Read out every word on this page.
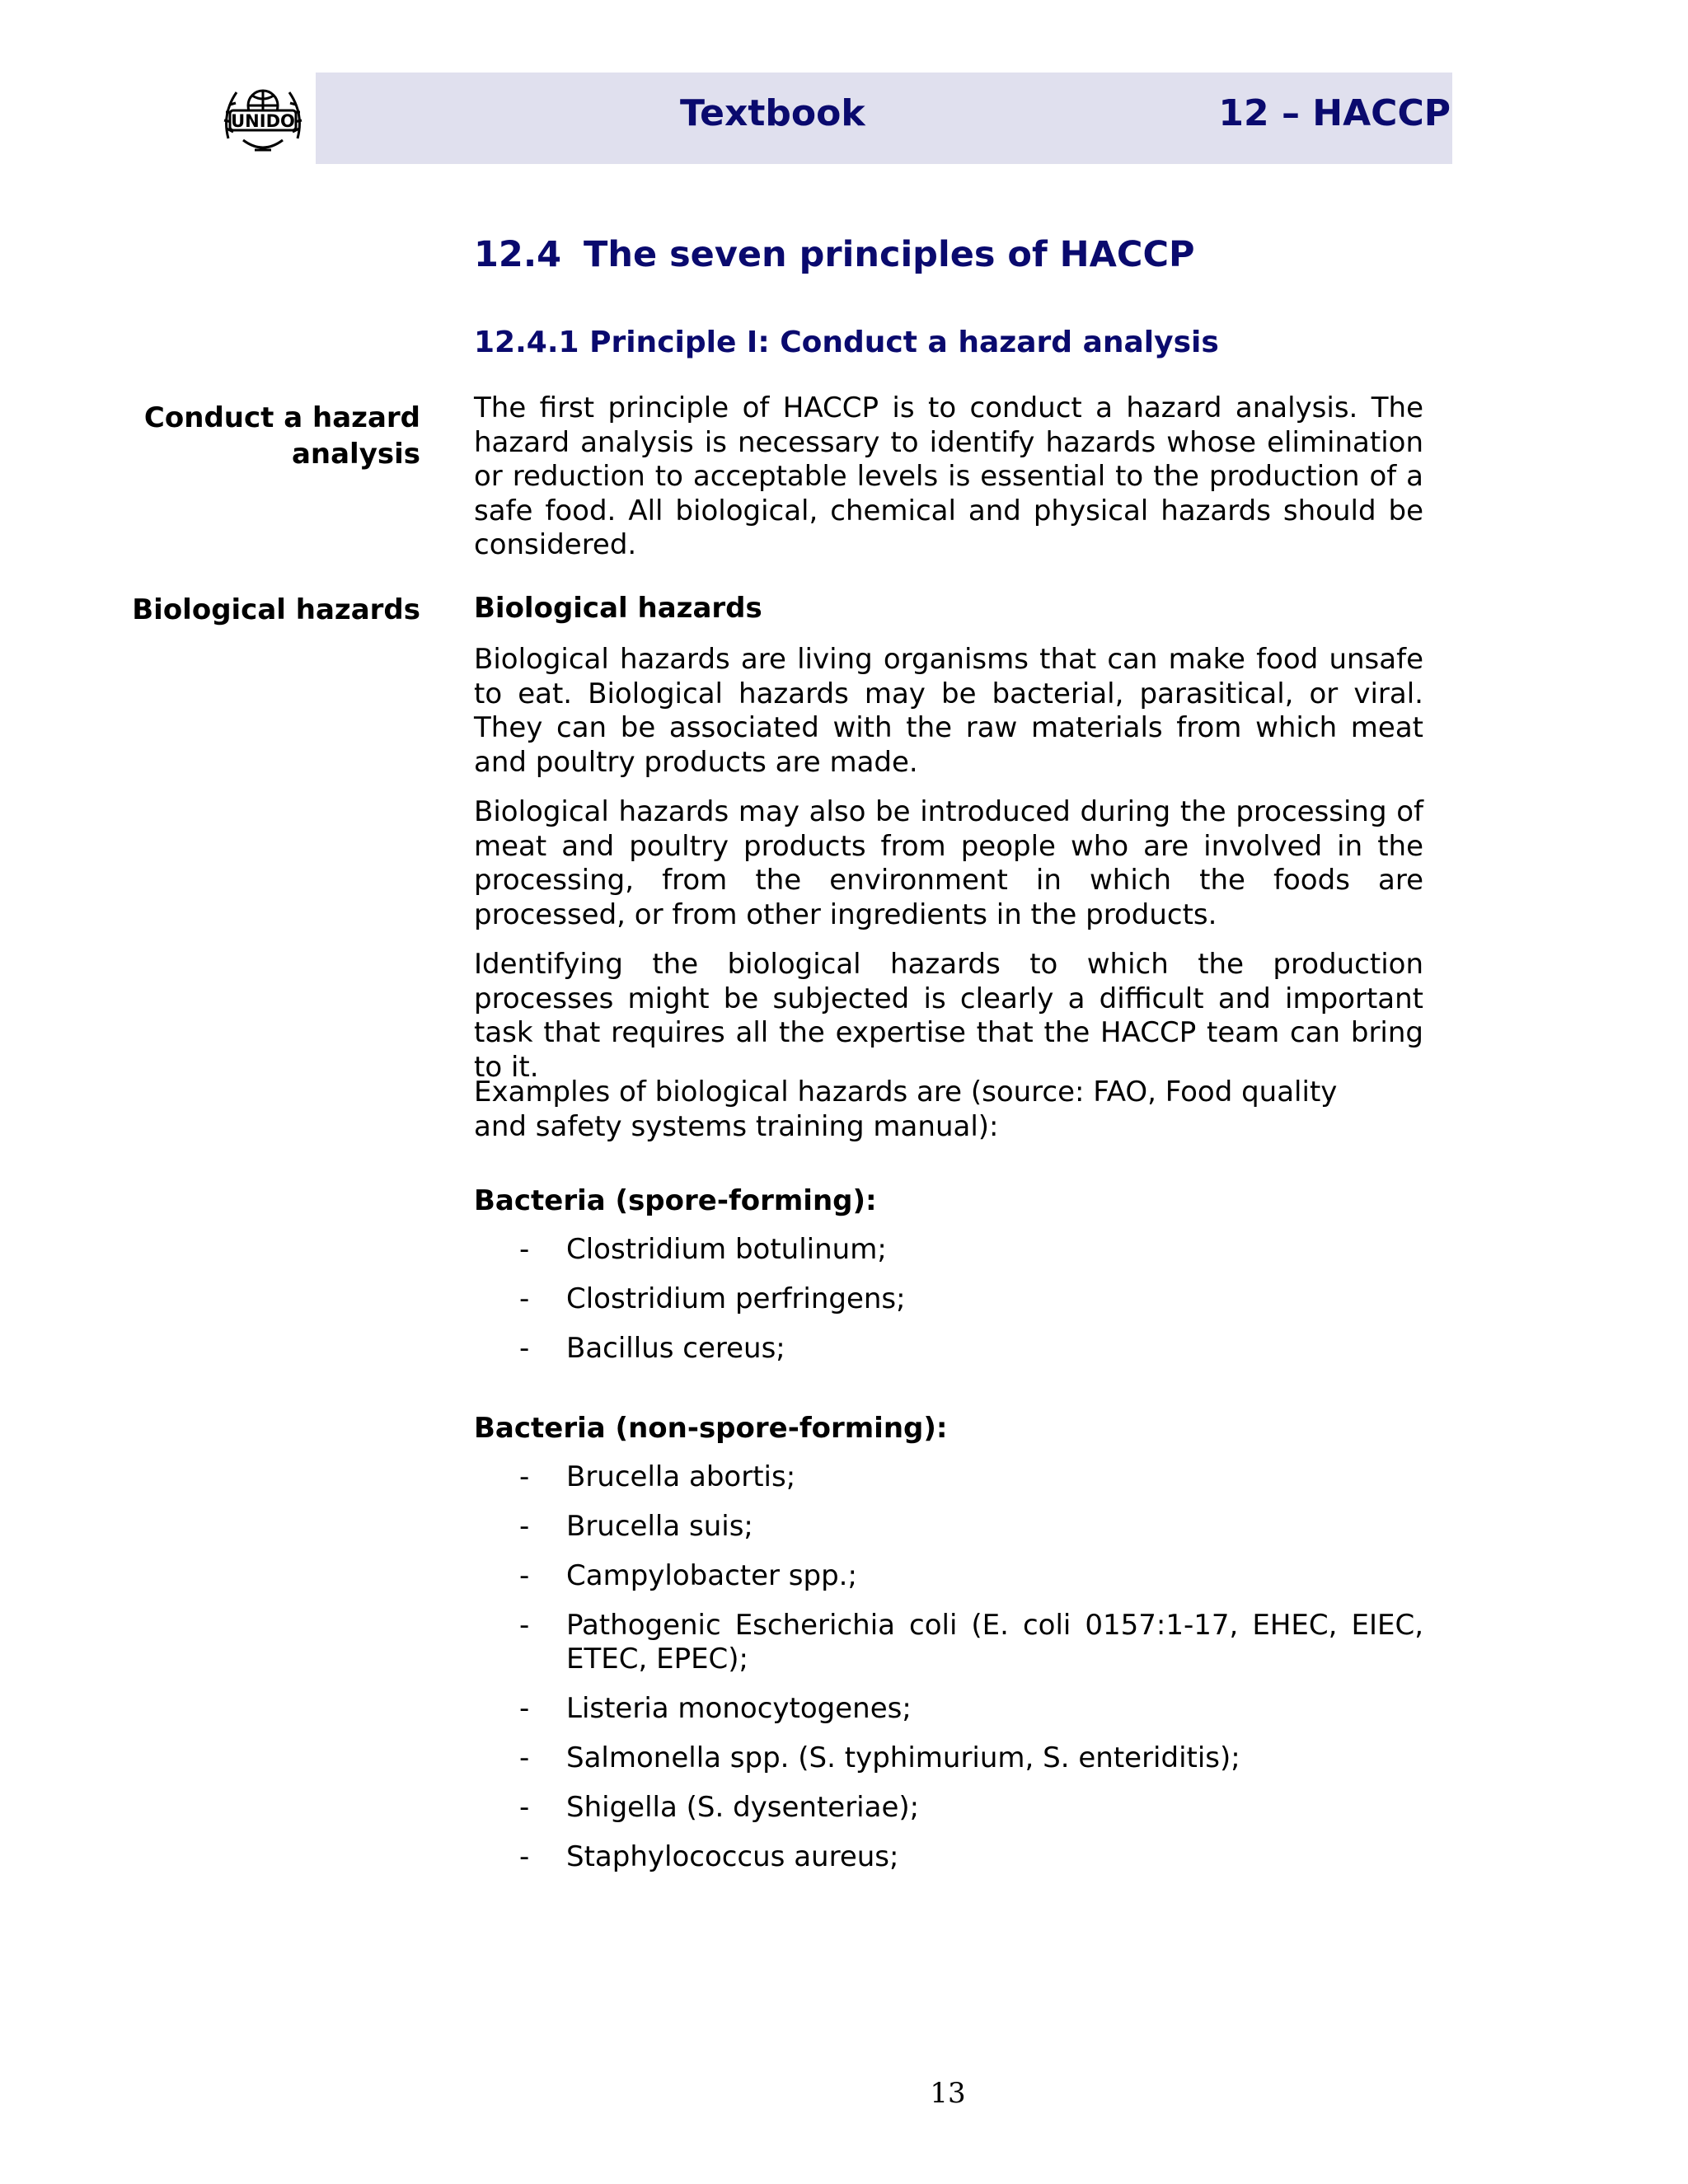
UNIDO	Textbook	12 – HACCP
12.4 The seven principles of HACCP
12.4.1 Principle I: Conduct a hazard analysis
Conduct a hazard
analysis
Biological hazards
The first principle of HACCP is to conduct a hazard analysis. The hazard analysis is necessary to identify hazards whose elimination or reduction to acceptable levels is essential to the production of a safe food. All biological, chemical and physical hazards should be considered.
Biological hazards
Biological hazards are living organisms that can make food unsafe to eat. Biological hazards may be bacterial, parasitical, or viral. They can be associated with the raw materials from which meat and poultry products are made.
Biological hazards may also be introduced during the processing of meat and poultry products from people who are involved in the processing, from the environment in which the foods are processed, or from other ingredients in the products.
Identifying the biological hazards to which the production processes might be subjected is clearly a difficult and important task that requires all the expertise that the HACCP team can bring to it.
Examples of biological hazards are (source: FAO, Food quality and safety systems training manual):
Bacteria (spore-forming):
- Clostridium botulinum;
- Clostridium perfringens;
- Bacillus cereus;
Bacteria (non-spore-forming):
- Brucella abortis;
- Brucella suis;
- Campylobacter spp.;
- Pathogenic Escherichia coli (E. coli 0157:1-17, EHEC, EIEC, ETEC, EPEC);
- Listeria monocytogenes;
- Salmonella spp. (S. typhimurium, S. enteriditis);
- Shigella (S. dysenteriae);
- Staphylococcus aureus;
13
